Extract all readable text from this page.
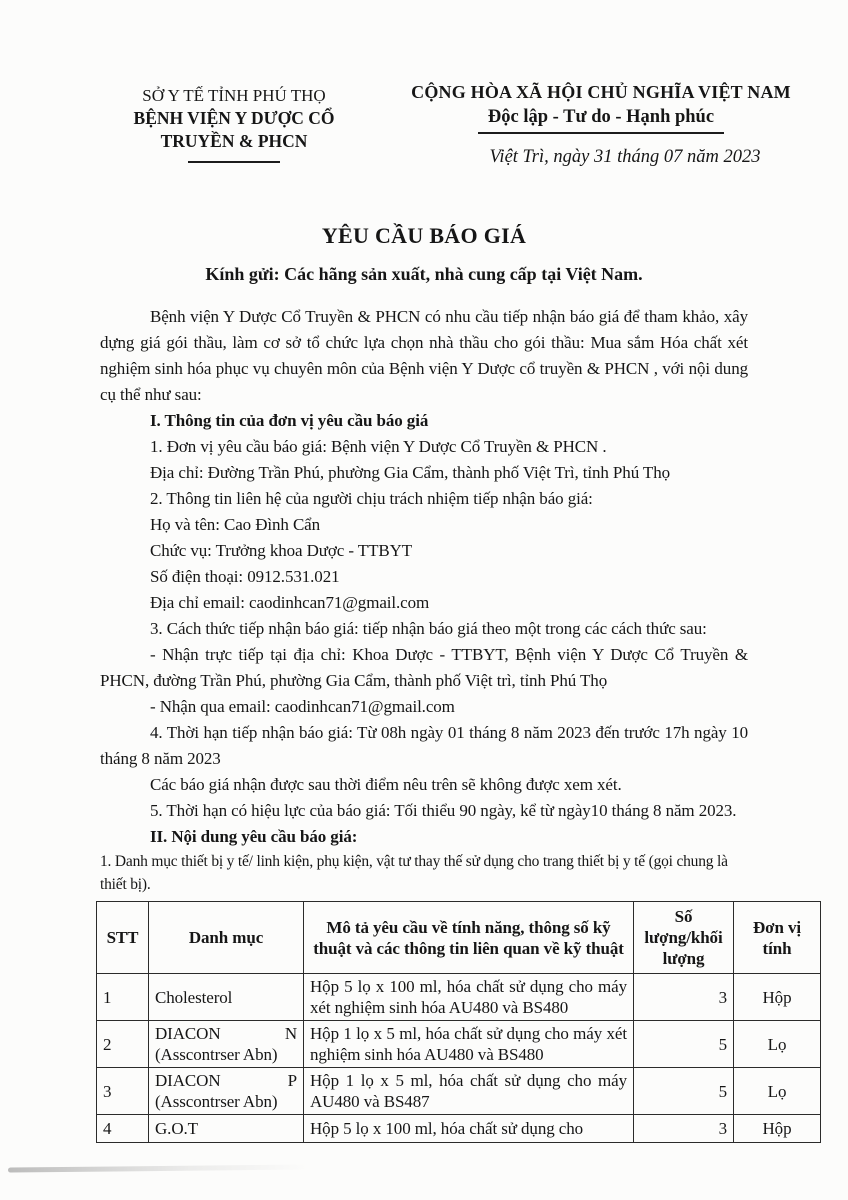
SỞ Y TẾ TỈNH PHÚ THỌ
BỆNH VIỆN Y DƯỢC CỔ
TRUYỀN & PHCN
CỘNG HÒA XÃ HỘI CHỦ NGHĨA VIỆT NAM
Độc lập - Tư do - Hạnh phúc
Việt Trì, ngày 31 tháng 07 năm 2023
YÊU CẦU BÁO GIÁ
Kính gửi: Các hãng sản xuất, nhà cung cấp tại Việt Nam.

Bệnh viện Y Dược Cổ Truyền & PHCN có nhu cầu tiếp nhận báo giá để tham khảo, xây dựng giá gói thầu, làm cơ sở tổ chức lựa chọn nhà thầu cho gói thầu: Mua sắm Hóa chất xét nghiệm sinh hóa phục vụ chuyên môn của Bệnh viện Y Dược cổ truyền & PHCN , với nội dung cụ thể như sau:

I. Thông tin của đơn vị yêu cầu báo giá

1. Đơn vị yêu cầu báo giá: Bệnh viện Y Dược Cổ Truyền & PHCN .

Địa chỉ: Đường Trần Phú, phường Gia Cẩm, thành phố Việt Trì, tỉnh Phú Thọ

2. Thông tin liên hệ của người chịu trách nhiệm tiếp nhận báo giá:

Họ và tên: Cao Đình Cẩn

Chức vụ: Trưởng khoa Dược - TTBYT

Số điện thoại: 0912.531.021

Địa chỉ email: caodinhcan71@gmail.com

3. Cách thức tiếp nhận báo giá: tiếp nhận báo giá theo một trong các cách thức sau:

- Nhận trực tiếp tại địa chỉ: Khoa Dược - TTBYT, Bệnh viện Y Dược Cổ Truyền & PHCN, đường Trần Phú, phường Gia Cẩm, thành phố Việt trì, tỉnh Phú Thọ

- Nhận qua email: caodinhcan71@gmail.com

4. Thời hạn tiếp nhận báo giá: Từ 08h ngày 01 tháng 8 năm 2023 đến trước 17h ngày 10 tháng 8 năm 2023

Các báo giá nhận được sau thời điểm nêu trên sẽ không được xem xét.

5. Thời hạn có hiệu lực của báo giá: Tối thiểu 90 ngày, kể từ ngày10 tháng 8 năm 2023.

II. Nội dung yêu cầu báo giá:

1. Danh mục thiết bị y tế/ linh kiện, phụ kiện, vật tư thay thế sử dụng cho trang thiết bị y tế (gọi chung là thiết bị).

STT	Danh mục	Mô tả yêu cầu về tính năng, thông số kỹ thuật và các thông tin liên quan về kỹ thuật	Số lượng/khối lượng	Đơn vị tính
1	Cholesterol	Hộp 5 lọ x 100 ml, hóa chất sử dụng cho máy xét nghiệm sinh hóa AU480 và BS480	3	Hộp
2	DIACON N (Asscontrser Abn)	Hộp 1 lọ x 5 ml, hóa chất sử dụng cho máy xét nghiệm sinh hóa AU480 và BS480	5	Lọ
3	DIACON P (Asscontrser Abn)	Hộp 1 lọ x 5 ml, hóa chất sử dụng cho máy AU480 và BS487	5	Lọ
4	G.O.T	Hộp 5 lọ x 100 ml, hóa chất sử dụng cho	3	Hộp
